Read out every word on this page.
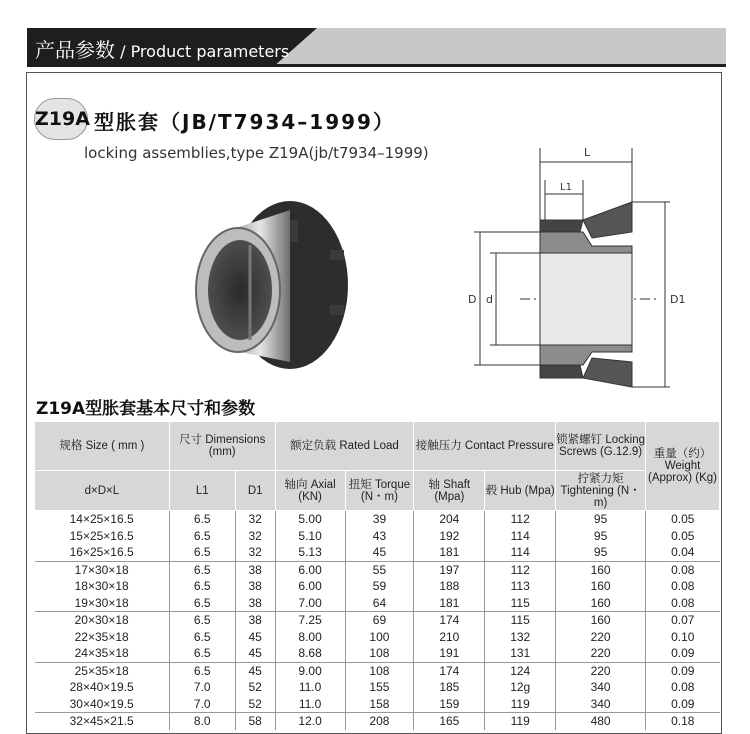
产品参数 / Product parameters
Z19A 型胀套（JB/T7934–1999）
locking assemblies,type Z19A(jb/t7934–1999)	L
L1
D d	D1
Z19A型胀套基本尺寸和参数
规格 Size ( mm )	尺寸 Dimensions (mm)		额定负载 Rated Load		接触压力 Contact Pressure		锁紧螺钉 Locking Screws (G.12.9)	重量（约） Weight (Approx) (Kg)
d×D×L	L1	D1	轴向 Axial (KN)	扭矩 Torque (N・m)	轴 Shaft (Mpa)	毂 Hub (Mpa)	拧紧力矩 Tightening (N・m)	
14×25×16.5	6.5	32	5.00	39	204	112	95	0.05
15×25×16.5	6.5	32	5.10	43	192	114	95	0.05
16×25×16.5	6.5	32	5.13	45	181	114	95	0.04
17×30×18	6.5	38	6.00	55	197	112	160	0.08
18×30×18	6.5	38	6.00	59	188	113	160	0.08
19×30×18	6.5	38	7.00	64	181	115	160	0.08
20×30×18	6.5	38	7.25	69	174	115	160	0.07
22×35×18	6.5	45	8.00	100	210	132	220	0.10
24×35×18	6.5	45	8.68	108	191	131	220	0.09
25×35×18	6.5	45	9.00	108	174	124	220	0.09
28×40×19.5	7.0	52	11.0	155	185	12g	340	0.08
30×40×19.5	7.0	52	11.0	158	159	119	340	0.09
32×45×21.5	8.0	58	12.0	208	165	119	480	0.18
